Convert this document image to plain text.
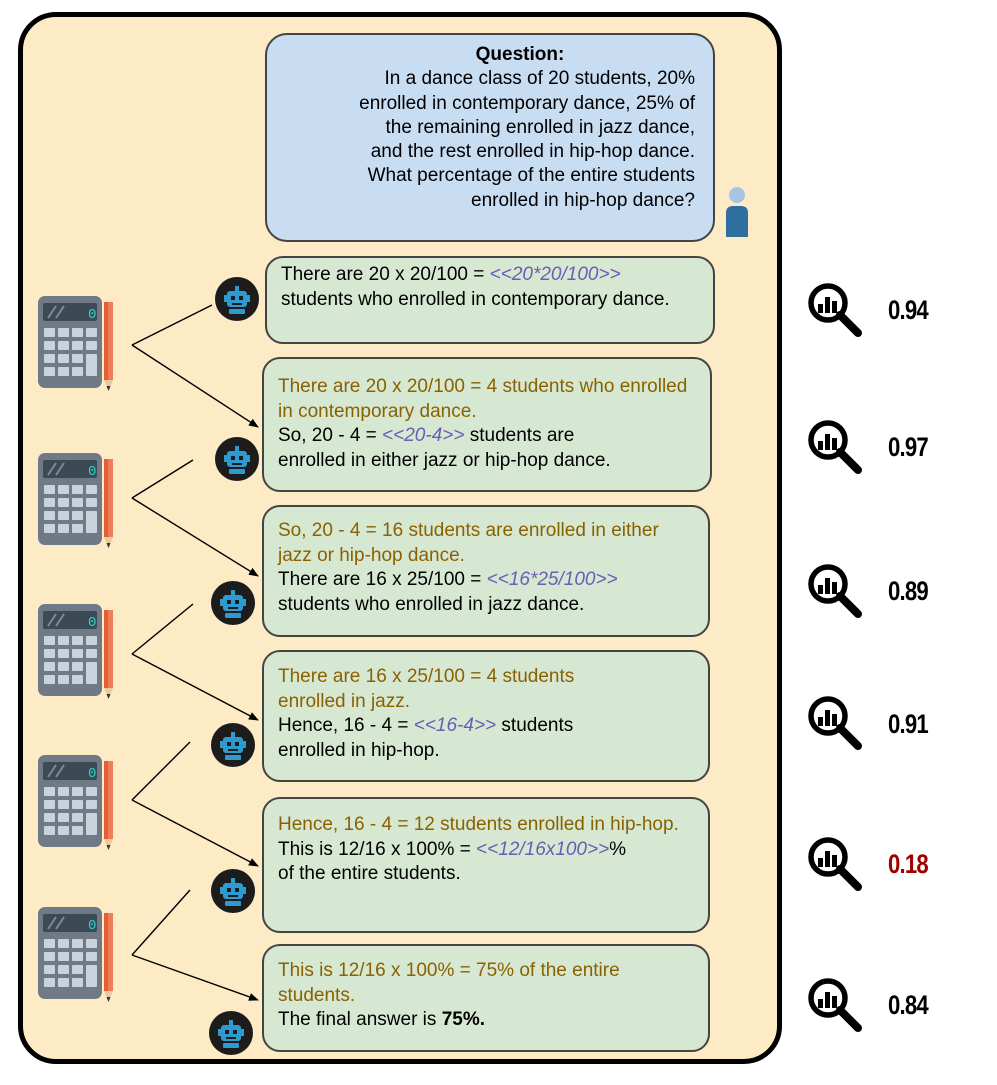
Question:
In a dance class of 20 students, 20%
enrolled in contemporary dance, 25% of
the remaining enrolled in jazz dance,
and the rest enrolled in hip-hop dance.
What percentage of the entire students
enrolled in hip-hop dance?
There are 20 x 20/100 = <<20*20/100>>
students who enrolled in contemporary dance.
There are 20 x 20/100 = 4 students who enrolled in contemporary dance.
So, 20 - 4 = <<20-4>> students are
enrolled in either jazz or hip-hop dance.
So, 20 - 4 = 16 students are enrolled in either jazz or hip-hop dance.
There are 16 x 25/100 = <<16*25/100>>
students who enrolled in jazz dance.
There are 16 x 25/100 = 4 students enrolled in jazz.
Hence, 16 - 4 = <<16-4>> students
enrolled in hip-hop.
Hence, 16 - 4 = 12 students enrolled in hip-hop.
This is 12/16 x 100% = <<12/16x100>>%
of the entire students.
This is 12/16 x 100% = 75% of the entire students.
The final answer is 75%.
0.94
0.97
0.89
0.91
0.18
0.84
0
